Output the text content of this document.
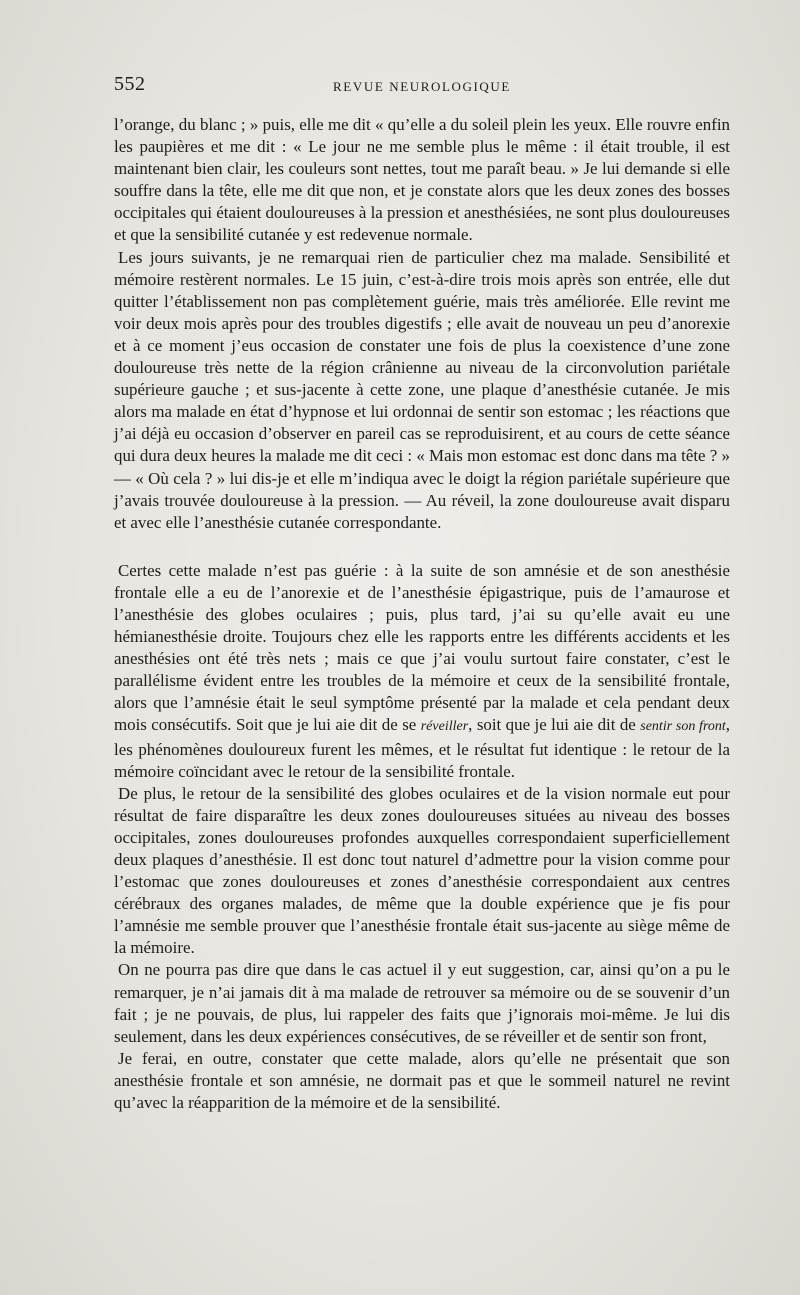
552	REVUE NEUROLOGIQUE

l’orange, du blanc ; » puis, elle me dit « qu’elle a du soleil plein les yeux. Elle rouvre enfin les paupières et me dit : « Le jour ne me semble plus le même : il était trouble, il est maintenant bien clair, les couleurs sont nettes, tout me paraît beau. » Je lui demande si elle souffre dans la tête, elle me dit que non, et je constate alors que les deux zones des bosses occipitales qui étaient douloureuses à la pression et anesthésiées, ne sont plus douloureuses et que la sensibilité cutanée y est redevenue normale.

Les jours suivants, je ne remarquai rien de particulier chez ma malade. Sensibilité et mémoire restèrent normales. Le 15 juin, c’est-à-dire trois mois après son entrée, elle dut quitter l’établissement non pas complètement guérie, mais très améliorée. Elle revint me voir deux mois après pour des troubles digestifs ; elle avait de nouveau un peu d’anorexie et à ce moment j’eus occasion de constater une fois de plus la coexistence d’une zone douloureuse très nette de la région crânienne au niveau de la circonvolution pariétale supérieure gauche ; et sus-jacente à cette zone, une plaque d’anesthésie cutanée. Je mis alors ma malade en état d’hypnose et lui ordonnai de sentir son estomac ; les réactions que j’ai déjà eu occasion d’observer en pareil cas se reproduisirent, et au cours de cette séance qui dura deux heures la malade me dit ceci : « Mais mon estomac est donc dans ma tête ? » — « Où cela ? » lui dis-je et elle m’indiqua avec le doigt la région pariétale supérieure que j’avais trouvée douloureuse à la pression. — Au réveil, la zone douloureuse avait disparu et avec elle l’anesthésie cutanée correspondante.

Certes cette malade n’est pas guérie : à la suite de son amnésie et de son anesthésie frontale elle a eu de l’anorexie et de l’anesthésie épigastrique, puis de l’amaurose et l’anesthésie des globes oculaires ; puis, plus tard, j’ai su qu’elle avait eu une hémianesthésie droite. Toujours chez elle les rapports entre les différents accidents et les anesthésies ont été très nets ; mais ce que j’ai voulu surtout faire constater, c’est le parallélisme évident entre les troubles de la mémoire et ceux de la sensibilité frontale, alors que l’amnésie était le seul symptôme présenté par la malade et cela pendant deux mois consécutifs. Soit que je lui aie dit de se réveiller, soit que je lui aie dit de sentir son front, les phénomènes douloureux furent les mêmes, et le résultat fut identique : le retour de la mémoire coïncidant avec le retour de la sensibilité frontale.

De plus, le retour de la sensibilité des globes oculaires et de la vision normale eut pour résultat de faire disparaître les deux zones douloureuses situées au niveau des bosses occipitales, zones douloureuses profondes auxquelles correspondaient superficiellement deux plaques d’anesthésie. Il est donc tout naturel d’admettre pour la vision comme pour l’estomac que zones douloureuses et zones d’anesthésie correspondaient aux centres cérébraux des organes malades, de même que la double expérience que je fis pour l’amnésie me semble prouver que l’anesthésie frontale était sus-jacente au siège même de la mémoire.

On ne pourra pas dire que dans le cas actuel il y eut suggestion, car, ainsi qu’on a pu le remarquer, je n’ai jamais dit à ma malade de retrouver sa mémoire ou de se souvenir d’un fait ; je ne pouvais, de plus, lui rappeler des faits que j’ignorais moi-même. Je lui dis seulement, dans les deux expériences consécutives, de se réveiller et de sentir son front,

Je ferai, en outre, constater que cette malade, alors qu’elle ne présentait que son anesthésie frontale et son amnésie, ne dormait pas et que le sommeil naturel ne revint qu’avec la réapparition de la mémoire et de la sensibilité.
